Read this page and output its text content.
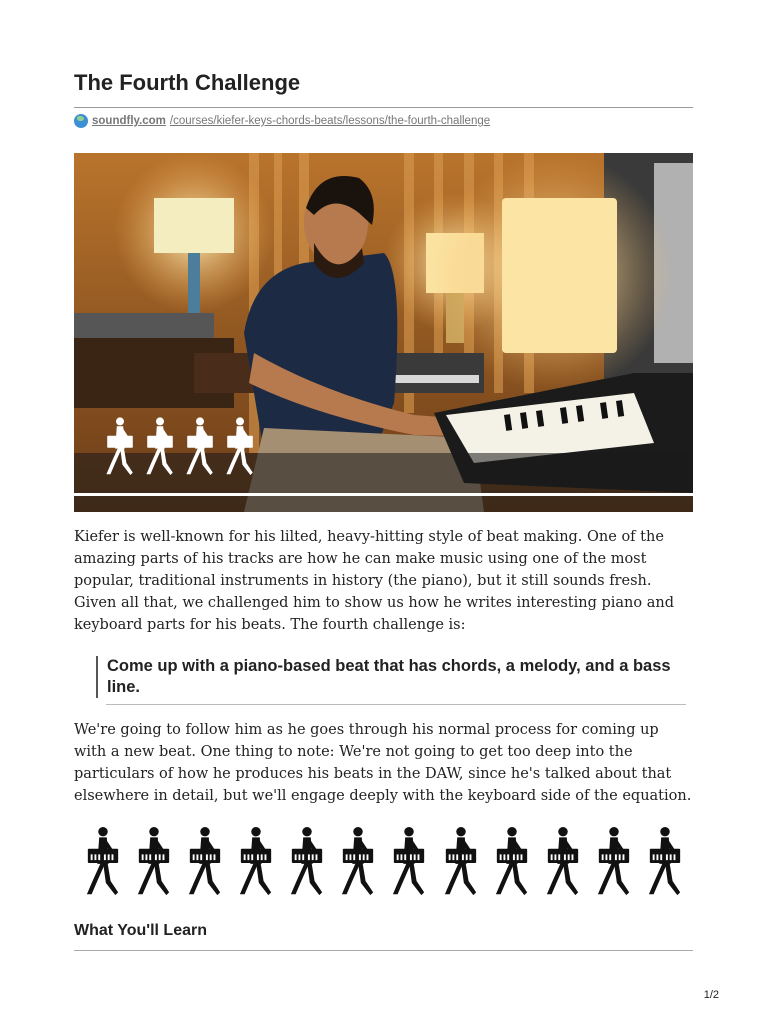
The Fourth Challenge
soundfly.com /courses/kiefer-keys-chords-beats/lessons/the-fourth-challenge

Kiefer is well-known for his lilted, heavy-hitting style of beat making. One of the amazing parts of his tracks are how he can make music using one of the most popular, traditional instruments in history (the piano), but it still sounds fresh. Given all that, we challenged him to show us how he writes interesting piano and keyboard parts for his beats. The fourth challenge is:

Come up with a piano-based beat that has chords, a melody, and a bass line.

We're going to follow him as he goes through his normal process for coming up with a new beat. One thing to note: We're not going to get too deep into the particulars of how he produces his beats in the DAW, since he's talked about that elsewhere in detail, but we'll engage deeply with the keyboard side of the equation.

What You'll Learn
1/2
